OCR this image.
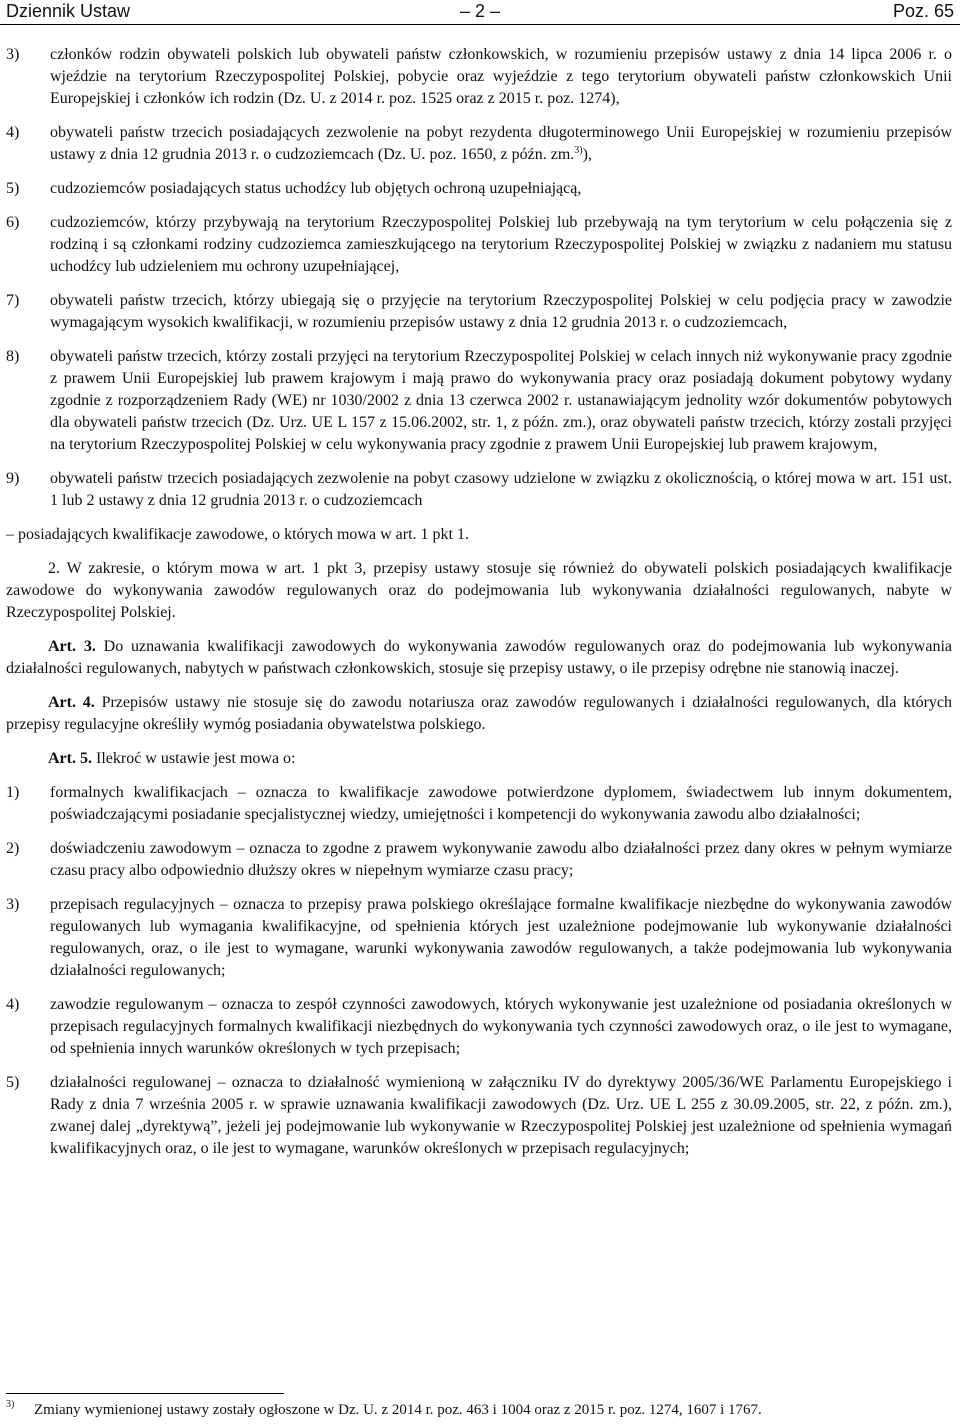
Dziennik Ustaw	– 2 –	Poz. 65
3) członków rodzin obywateli polskich lub obywateli państw członkowskich, w rozumieniu przepisów ustawy z dnia 14 lipca 2006 r. o wjeździe na terytorium Rzeczypospolitej Polskiej, pobycie oraz wyjeździe z tego terytorium obywateli państw członkowskich Unii Europejskiej i członków ich rodzin (Dz. U. z 2014 r. poz. 1525 oraz z 2015 r. poz. 1274),
4) obywateli państw trzecich posiadających zezwolenie na pobyt rezydenta długoterminowego Unii Europejskiej w rozumieniu przepisów ustawy z dnia 12 grudnia 2013 r. o cudzoziemcach (Dz. U. poz. 1650, z późn. zm.$^{3)}$),
5) cudzoziemców posiadających status uchodźcy lub objętych ochroną uzupełniającą,
6) cudzoziemców, którzy przybywają na terytorium Rzeczypospolitej Polskiej lub przebywają na tym terytorium w celu połączenia się z rodziną i są członkami rodziny cudzoziemca zamieszkującego na terytorium Rzeczypospolitej Polskiej w związku z nadaniem mu statusu uchodźcy lub udzieleniem mu ochrony uzupełniającej,
7) obywateli państw trzecich, którzy ubiegają się o przyjęcie na terytorium Rzeczypospolitej Polskiej w celu podjęcia pracy w zawodzie wymagającym wysokich kwalifikacji, w rozumieniu przepisów ustawy z dnia 12 grudnia 2013 r. o cudzoziemcach,
8) obywateli państw trzecich, którzy zostali przyjęci na terytorium Rzeczypospolitej Polskiej w celach innych niż wykonywanie pracy zgodnie z prawem Unii Europejskiej lub prawem krajowym i mają prawo do wykonywania pracy oraz posiadają dokument pobytowy wydany zgodnie z rozporządzeniem Rady (WE) nr 1030/2002 z dnia 13 czerwca 2002 r. ustanawiającym jednolity wzór dokumentów pobytowych dla obywateli państw trzecich (Dz. Urz. UE L 157 z 15.06.2002, str. 1, z późn. zm.), oraz obywateli państw trzecich, którzy zostali przyjęci na terytorium Rzeczypospolitej Polskiej w celu wykonywania pracy zgodnie z prawem Unii Europejskiej lub prawem krajowym,
9) obywateli państw trzecich posiadających zezwolenie na pobyt czasowy udzielone w związku z okolicznością, o której mowa w art. 151 ust. 1 lub 2 ustawy z dnia 12 grudnia 2013 r. o cudzoziemcach
– posiadających kwalifikacje zawodowe, o których mowa w art. 1 pkt 1.
2. W zakresie, o którym mowa w art. 1 pkt 3, przepisy ustawy stosuje się również do obywateli polskich posiadających kwalifikacje zawodowe do wykonywania zawodów regulowanych oraz do podejmowania lub wykonywania działalności regulowanych, nabyte w Rzeczypospolitej Polskiej.
Art. 3. Do uznawania kwalifikacji zawodowych do wykonywania zawodów regulowanych oraz do podejmowania lub wykonywania działalności regulowanych, nabytych w państwach członkowskich, stosuje się przepisy ustawy, o ile przepisy odrębne nie stanowią inaczej.
Art. 4. Przepisów ustawy nie stosuje się do zawodu notariusza oraz zawodów regulowanych i działalności regulowanych, dla których przepisy regulacyjne określiły wymóg posiadania obywatelstwa polskiego.
Art. 5. Ilekroć w ustawie jest mowa o:
1) formalnych kwalifikacjach – oznacza to kwalifikacje zawodowe potwierdzone dyplomem, świadectwem lub innym dokumentem, poświadczającymi posiadanie specjalistycznej wiedzy, umiejętności i kompetencji do wykonywania zawodu albo działalności;
2) doświadczeniu zawodowym – oznacza to zgodne z prawem wykonywanie zawodu albo działalności przez dany okres w pełnym wymiarze czasu pracy albo odpowiednio dłuższy okres w niepełnym wymiarze czasu pracy;
3) przepisach regulacyjnych – oznacza to przepisy prawa polskiego określające formalne kwalifikacje niezbędne do wykonywania zawodów regulowanych lub wymagania kwalifikacyjne, od spełnienia których jest uzależnione podejmowanie lub wykonywanie działalności regulowanych, oraz, o ile jest to wymagane, warunki wykonywania zawodów regulowanych, a także podejmowania lub wykonywania działalności regulowanych;
4) zawodzie regulowanym – oznacza to zespół czynności zawodowych, których wykonywanie jest uzależnione od posiadania określonych w przepisach regulacyjnych formalnych kwalifikacji niezbędnych do wykonywania tych czynności zawodowych oraz, o ile jest to wymagane, od spełnienia innych warunków określonych w tych przepisach;
5) działalności regulowanej – oznacza to działalność wymienioną w załączniku IV do dyrektywy 2005/36/WE Parlamentu Europejskiego i Rady z dnia 7 września 2005 r. w sprawie uznawania kwalifikacji zawodowych (Dz. Urz. UE L 255 z 30.09.2005, str. 22, z późn. zm.), zwanej dalej „dyrektywą”, jeżeli jej podejmowanie lub wykonywanie w Rzeczypospolitej Polskiej jest uzależnione od spełnienia wymagań kwalifikacyjnych oraz, o ile jest to wymagane, warunków określonych w przepisach regulacyjnych;
$^{3)}$ Zmiany wymienionej ustawy zostały ogłoszone w Dz. U. z 2014 r. poz. 463 i 1004 oraz z 2015 r. poz. 1274, 1607 i 1767.
